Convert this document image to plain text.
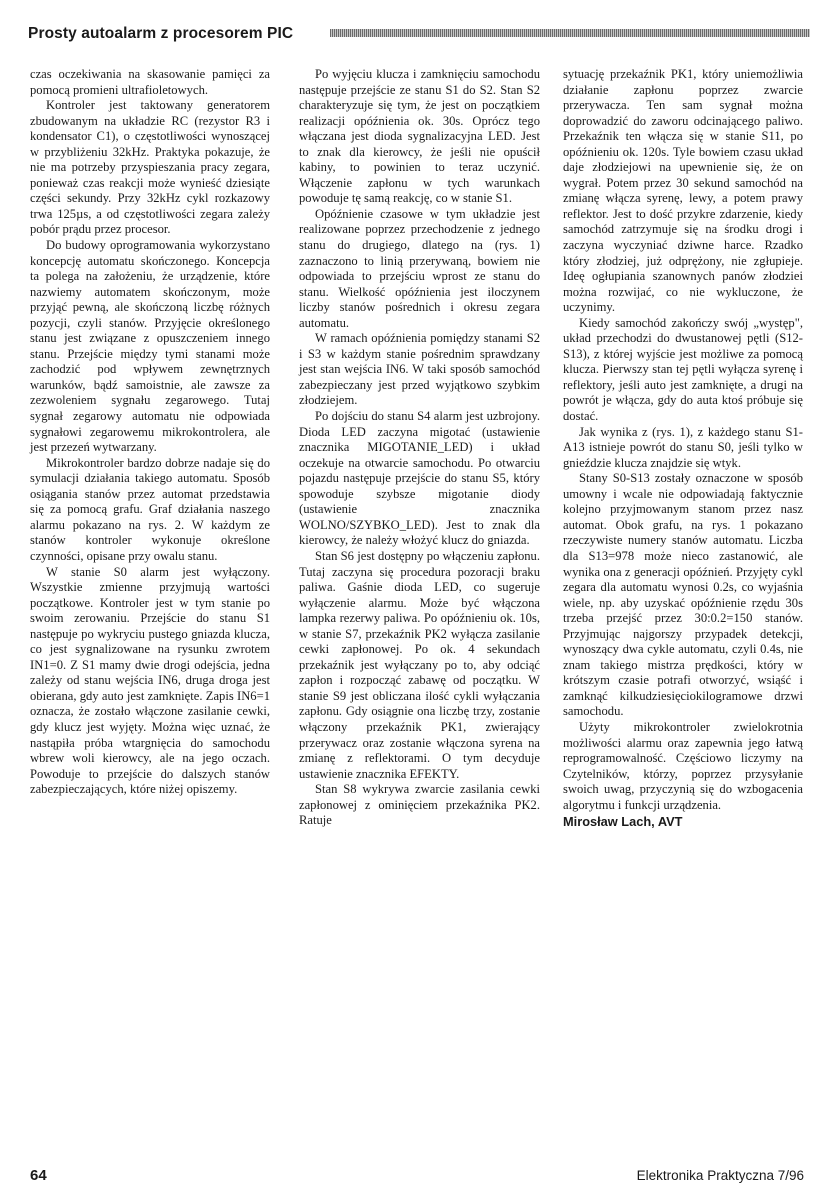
Prosty autoalarm z procesorem PIC

czas oczekiwania na skasowanie pamięci za pomocą promieni ultrafioletowych.

Kontroler jest taktowany generatorem zbudowanym na układzie RC (rezystor R3 i kondensator C1), o częstotliwości wynoszącej w przybliżeniu 32kHz. Praktyka pokazuje, że nie ma potrzeby przyspieszania pracy zegara, ponieważ czas reakcji może wynieść dziesiąte części sekundy. Przy 32kHz cykl rozkazowy trwa 125µs, a od częstotliwości zegara zależy pobór prądu przez procesor.

Do budowy oprogramowania wykorzystano koncepcję automatu skończonego. Koncepcja ta polega na założeniu, że urządzenie, które nazwiemy automatem skończonym, może przyjąć pewną, ale skończoną liczbę różnych pozycji, czyli stanów. Przyjęcie określonego stanu jest związane z opuszczeniem innego stanu. Przejście między tymi stanami może zachodzić pod wpływem zewnętrznych warunków, bądź samoistnie, ale zawsze za zezwoleniem sygnału zegarowego. Tutaj sygnał zegarowy automatu nie odpowiada sygnałowi zegarowemu mikrokontrolera, ale jest przezeń wytwarzany.

Mikrokontroler bardzo dobrze nadaje się do symulacji działania takiego automatu. Sposób osiągania stanów przez automat przedstawia się za pomocą grafu. Graf działania naszego alarmu pokazano na rys. 2. W każdym ze stanów kontroler wykonuje określone czynności, opisane przy owalu stanu.

W stanie S0 alarm jest wyłączony. Wszystkie zmienne przyjmują wartości początkowe. Kontroler jest w tym stanie po swoim zerowaniu. Przejście do stanu S1 następuje po wykryciu pustego gniazda klucza, co jest sygnalizowane na rysunku zwrotem IN1=0. Z S1 mamy dwie drogi odejścia, jedna zależy od stanu wejścia IN6, druga droga jest obierana, gdy auto jest zamknięte. Zapis IN6=1 oznacza, że zostało włączone zasilanie cewki, gdy klucz jest wyjęty. Można więc uznać, że nastąpiła próba wtargnięcia do samochodu wbrew woli kierowcy, ale na jego oczach. Powoduje to przejście do dalszych stanów zabezpieczających, które niżej opiszemy.

Po wyjęciu klucza i zamknięciu samochodu następuje przejście ze stanu S1 do S2. Stan S2 charakteryzuje się tym, że jest on początkiem realizacji opóźnienia ok. 30s. Oprócz tego włączana jest dioda sygnalizacyjna LED. Jest to znak dla kierowcy, że jeśli nie opuścił kabiny, to powinien to teraz uczynić. Włączenie zapłonu w tych warunkach powoduje tę samą reakcję, co w stanie S1.

Opóźnienie czasowe w tym układzie jest realizowane poprzez przechodzenie z jednego stanu do drugiego, dlatego na (rys. 1) zaznaczono to linią przerywaną, bowiem nie odpowiada to przejściu wprost ze stanu do stanu. Wielkość opóźnienia jest iloczynem liczby stanów pośrednich i okresu zegara automatu.

W ramach opóźnienia pomiędzy stanami S2 i S3 w każdym stanie pośrednim sprawdzany jest stan wejścia IN6. W taki sposób samochód zabezpieczany jest przed wyjątkowo szybkim złodziejem.

Po dojściu do stanu S4 alarm jest uzbrojony. Dioda LED zaczyna migotać (ustawienie znacznika MIGOTANIE_LED) i układ oczekuje na otwarcie samochodu. Po otwarciu pojazdu następuje przejście do stanu S5, który spowoduje szybsze migotanie diody (ustawienie znacznika WOLNO/SZYBKO_LED). Jest to znak dla kierowcy, że należy włożyć klucz do gniazda.

Stan S6 jest dostępny po włączeniu zapłonu. Tutaj zaczyna się procedura pozoracji braku paliwa. Gaśnie dioda LED, co sugeruje wyłączenie alarmu. Może być włączona lampka rezerwy paliwa. Po opóźnieniu ok. 10s, w stanie S7, przekaźnik PK2 wyłącza zasilanie cewki zapłonowej. Po ok. 4 sekundach przekaźnik jest wyłączany po to, aby odciąć zapłon i rozpocząć zabawę od początku. W stanie S9 jest obliczana ilość cykli wyłączania zapłonu. Gdy osiągnie ona liczbę trzy, zostanie włączony przekaźnik PK1, zwierający przerywacz oraz zostanie włączona syrena na zmianę z reflektorami. O tym decyduje ustawienie znacznika EFEKTY.

Stan S8 wykrywa zwarcie zasilania cewki zapłonowej z ominięciem przekaźnika PK2. Ratuje

sytuację przekaźnik PK1, który uniemożliwia działanie zapłonu poprzez zwarcie przerywacza. Ten sam sygnał można doprowadzić do zaworu odcinającego paliwo. Przekaźnik ten włącza się w stanie S11, po opóźnieniu ok. 120s. Tyle bowiem czasu układ daje złodziejowi na upewnienie się, że on wygrał. Potem przez 30 sekund samochód na zmianę włącza syrenę, lewy, a potem prawy reflektor. Jest to dość przykre zdarzenie, kiedy samochód zatrzymuje się na środku drogi i zaczyna wyczyniać dziwne harce. Rzadko który złodziej, już odprężony, nie zgłupieje. Ideę ogłupiania szanownych panów złodziei można rozwijać, co nie wykluczone, że uczynimy.

Kiedy samochód zakończy swój „występ", układ przechodzi do dwustanowej pętli (S12-S13), z której wyjście jest możliwe za pomocą klucza. Pierwszy stan tej pętli wyłącza syrenę i reflektory, jeśli auto jest zamknięte, a drugi na powrót je włącza, gdy do auta ktoś próbuje się dostać.

Jak wynika z (rys. 1), z każdego stanu S1-A13 istnieje powrót do stanu S0, jeśli tylko w gnieździe klucza znajdzie się wtyk.

Stany S0-S13 zostały oznaczone w sposób umowny i wcale nie odpowiadają faktycznie kolejno przyjmowanym stanom przez nasz automat. Obok grafu, na rys. 1 pokazano rzeczywiste numery stanów automatu. Liczba dla S13=978 może nieco zastanowić, ale wynika ona z generacji opóźnień. Przyjęty cykl zegara dla automatu wynosi 0.2s, co wyjaśnia wiele, np. aby uzyskać opóźnienie rzędu 30s trzeba przejść przez 30:0.2=150 stanów. Przyjmując najgorszy przypadek detekcji, wynoszący dwa cykle automatu, czyli 0.4s, nie znam takiego mistrza prędkości, który w krótszym czasie potrafi otworzyć, wsiąść i zamknąć kilkudziesięciokilogramowe drzwi samochodu.

Użyty mikrokontroler zwielokrotnia możliwości alarmu oraz zapewnia jego łatwą reprogramowalność. Częściowo liczymy na Czytelników, którzy, poprzez przysyłanie swoich uwag, przyczynią się do wzbogacenia algorytmu i funkcji urządzenia.

Mirosław Lach, AVT
64	Elektronika Praktyczna 7/96
